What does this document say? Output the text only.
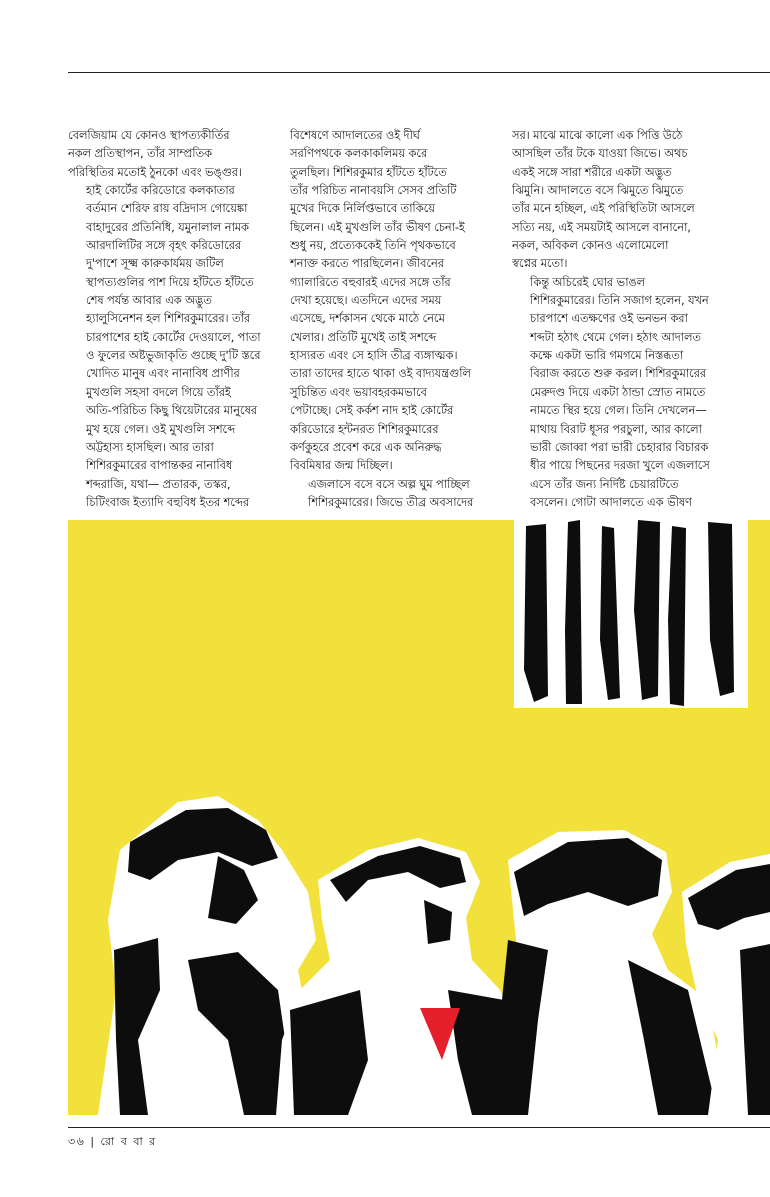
বেলজিয়াম যে কোনও স্থাপত্যকীর্তির
নকল প্রতিস্থাপন, তাঁর সাম্প্রতিক
পরিস্থিতির মতোই ঠুনকো এবং ভঙ্গুর।

হাই কোর্টের করিডোরে কলকাতার
বর্তমান শেরিফ রায় বদ্রিদাস গোয়েঙ্কা
বাহাদুরের প্রতিনিধি, যমুনালাল নামক
আরদালিটির সঙ্গে বৃহৎ করিডোরের
দু'পাশে সূক্ষ্ম কারুকার্যময় জটিল
স্থাপত্যগুলির পাশ দিয়ে হাঁটতে হাঁটতে
শেষ পর্যন্ত আবার এক অদ্ভুত
হ্যালুসিনেশন হল শিশিরকুমারের। তাঁর
চারপাশের হাই কোর্টের দেওয়ালে, পাতা
ও ফুলের অষ্টভুজাকৃতি গুচ্ছে দু'টি স্তরে
খোদিত মানুষ এবং নানাবিধ প্রাণীর
মুখগুলি সহসা বদলে গিয়ে তাঁরই
অতি-পরিচিত কিছু থিয়েটারের মানুষের
মুখ হয়ে গেল। ওই মুখগুলি সশব্দে
অট্টহাস্য হাসছিল। আর তারা
শিশিরকুমারের বাপান্তকর নানাবিধ
শব্দরাজি, যথা— প্রতারক, তস্কর,
চিটিংবাজ ইত্যাদি বহুবিধ ইতর শব্দের

বিশেষণে আদালতের ওই দীর্ঘ
সরণিপথকে কলকাকলিময় করে
তুলছিল। শিশিরকুমার হাঁটতে হাঁটতে
তাঁর পরিচিত নানাবয়সি সেসব প্রতিটি
মুখের দিকে নির্লিপ্তভাবে তাকিয়ে
ছিলেন। এই মুখগুলি তাঁর ভীষণ চেনা-ই
শুধু নয়, প্রত্যেককেই তিনি পৃথকভাবে
শনাক্ত করতে পারছিলেন। জীবনের
গ্যালারিতে বহুবারই এদের সঙ্গে তাঁর
দেখা হয়েছে। এতদিনে এদের সময়
এসেছে, দর্শকাসন থেকে মাঠে নেমে
খেলার। প্রতিটি মুখেই তাই সশব্দে
হাস্যরত এবং সে হাসি তীব্র ব্যঙ্গাত্মক।
তারা তাদের হাতে থাকা ওই বাদ্যযন্ত্রগুলি
সুচিন্তিত এবং ভয়াবহরকমভাবে
পেটাচ্ছে। সেই কর্কশ নাদ হাই কোর্টের
করিডোরে হন্টনরত শিশিরকুমারের
কর্ণকুহরে প্রবেশ করে এক অনিরুদ্ধ
বিবমিষার জন্ম দিচ্ছিল।

এজলাসে বসে বসে অল্প ঘুম পাচ্ছিল
শিশিরকুমারের। জিভে তীব্র অবসাদের

সর। মাঝে মাঝে কালো এক পিত্তি উঠে
আসছিল তাঁর টকে যাওয়া জিভে। অথচ
একই সঙ্গে সারা শরীরে একটা অদ্ভুত
ঝিমুনি। আদালতে বসে ঝিমুতে ঝিমুতে
তাঁর মনে হচ্ছিল, এই পরিস্থিতিটা আসলে
সত্যি নয়, এই সময়টাই আসলে বানানো,
নকল, অবিকল কোনও এলোমেলো
স্বপ্নের মতো।

কিন্তু অচিরেই ঘোর ভাঙল
শিশিরকুমারের। তিনি সজাগ হলেন, যখন
চারপাশে এতক্ষণের ওই ভনভন করা
শব্দটা হঠাৎ থেমে গেল। হঠাৎ আদালত
কক্ষে একটা ভারি গমগমে নিস্তব্ধতা
বিরাজ করতে শুরু করল। শিশিরকুমারের
মেরুদণ্ড দিয়ে একটা ঠান্ডা স্রোত নামতে
নামতে স্থির হয়ে গেল। তিনি দেখলেন—
মাথায় বিরাট ধূসর পরচুলা, আর কালো
ভারী জোব্বা পরা ভারী চেহারার বিচারক
ধীর পায়ে পিছনের দরজা খুলে এজলাসে
এসে তাঁর জন্য নির্দিষ্ট চেয়ারটিতে
বসলেন। গোটা আদালতে এক ভীষণ

৩৬ | রো ব বা র
